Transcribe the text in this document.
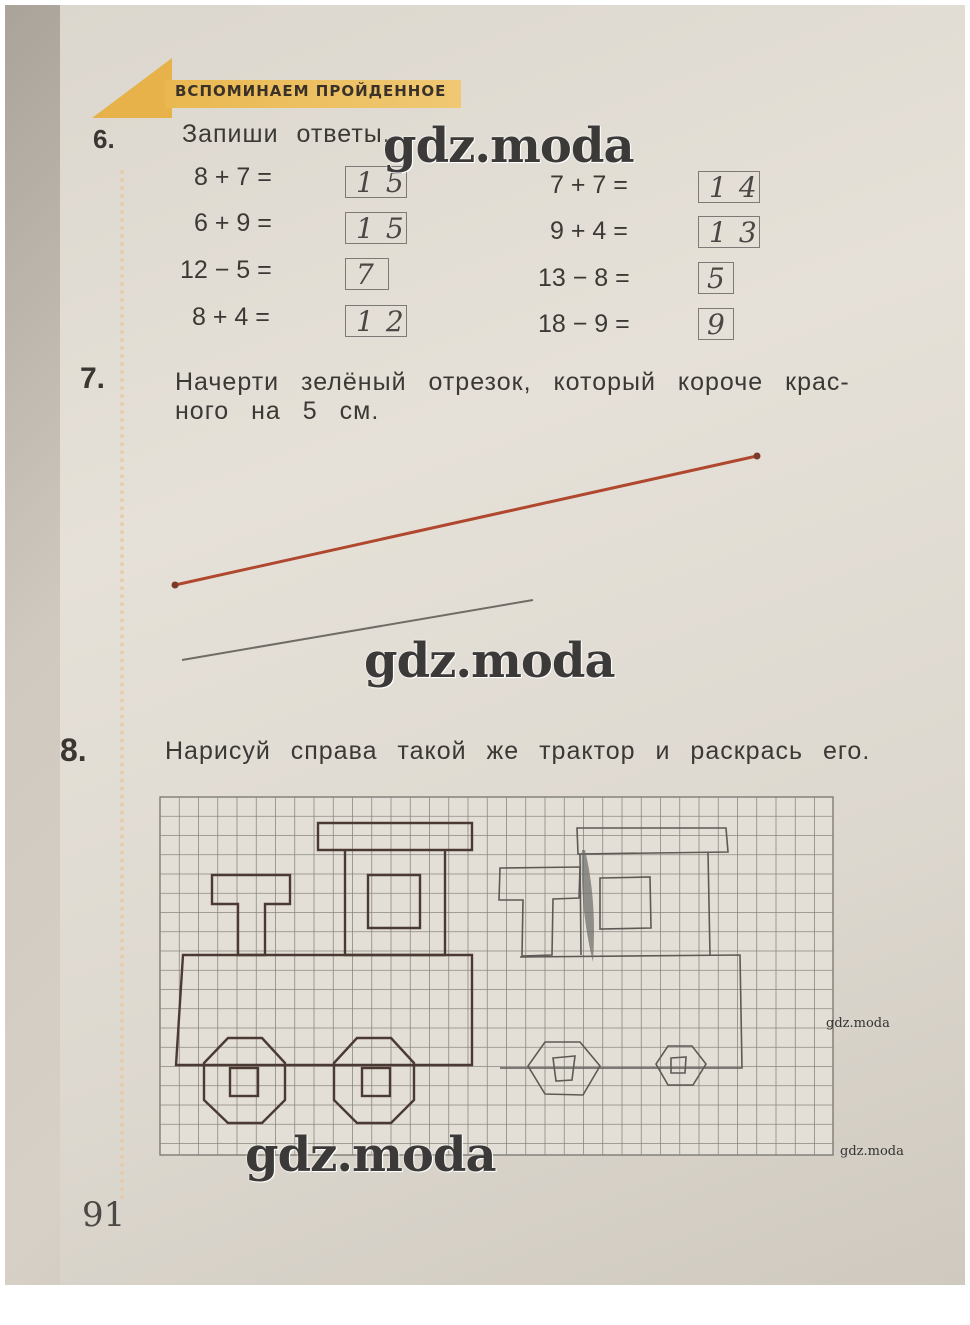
ВСПОМИНАЕМ ПРОЙДЕННОЕ
6.	Запиши ответы.
8 + 7 =	15
6 + 9 =	15
12 − 5 =	7
8 + 4 =	12
7 + 7 =	14
9 + 4 =	13
13 − 8 =	5
18 − 9 =	9
7.	Начерти зелёный отрезок, который короче крас-
ного на 5 см.
8.	Нарисуй справа такой же трактор и раскрась его.
gdz.moda
gdz.moda
gdz.moda
gdz.moda
gdz.moda
91
